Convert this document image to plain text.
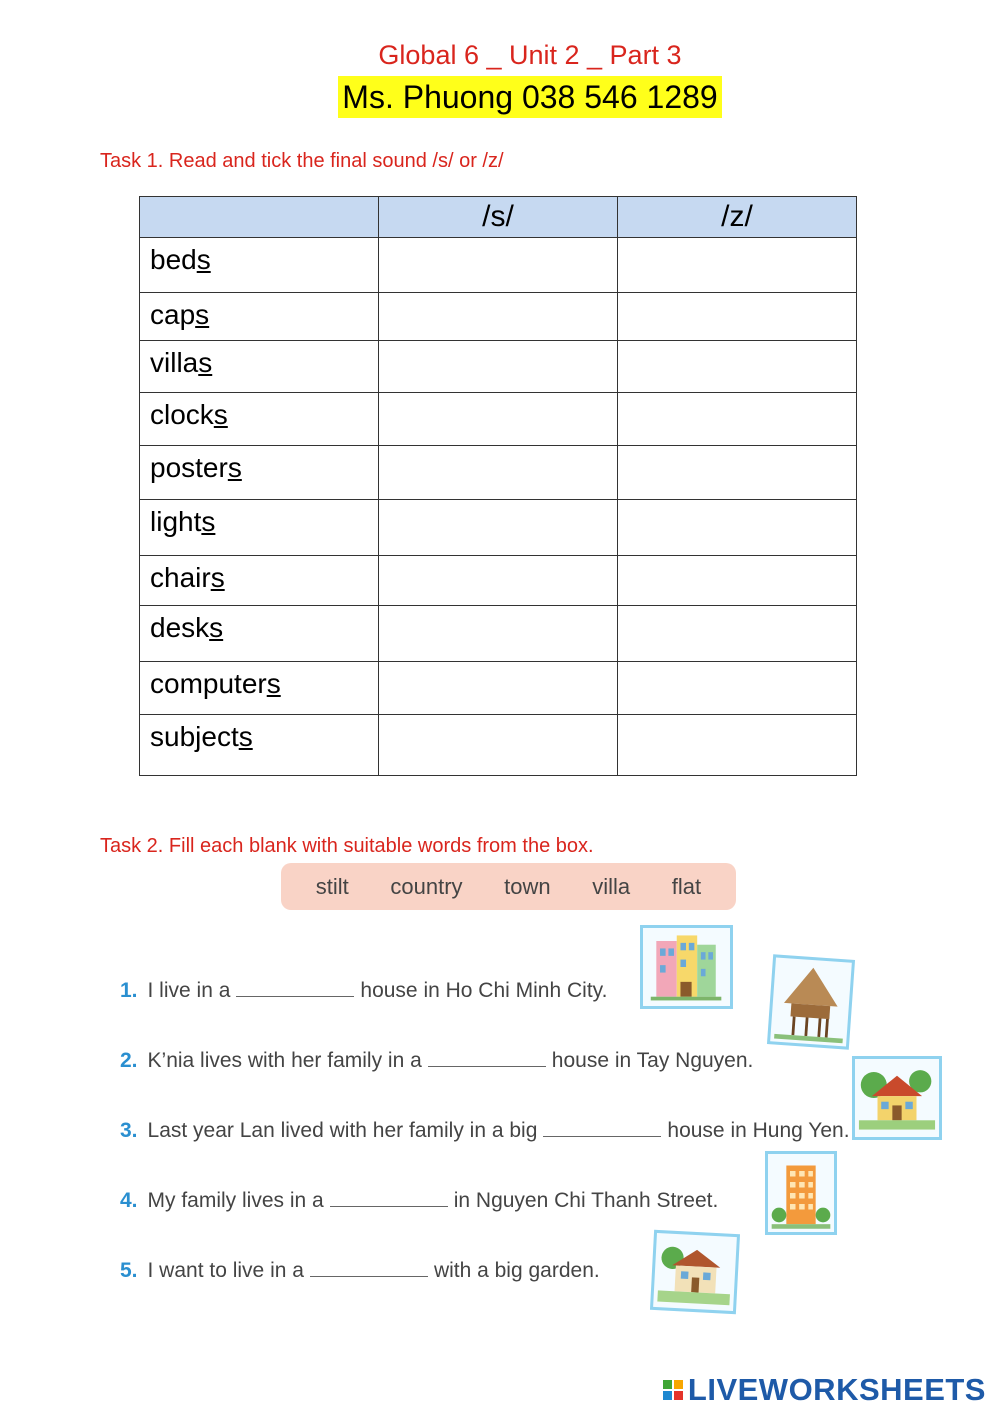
Global 6 _ Unit 2 _ Part 3
Ms. Phuong 038 546 1289
Task 1. Read and tick the final sound /s/ or /z/
	/s/	/z/
beds		
caps		
villas		
clocks		
posters		
lights		
chairs		
desks		
computers		
subjects		
Task 2. Fill each blank with suitable words from the box.
stilt country town villa flat
1. I live in a	house in Ho Chi Minh City.
2. K’nia lives with her family in a	house in Tay Nguyen.
3. Last year Lan lived with her family in a big	house in Hung Yen.
4. My family lives in a	in Nguyen Chi Thanh Street.
5. I want to live in a	with a big garden.
LIVEWORKSHEETS
